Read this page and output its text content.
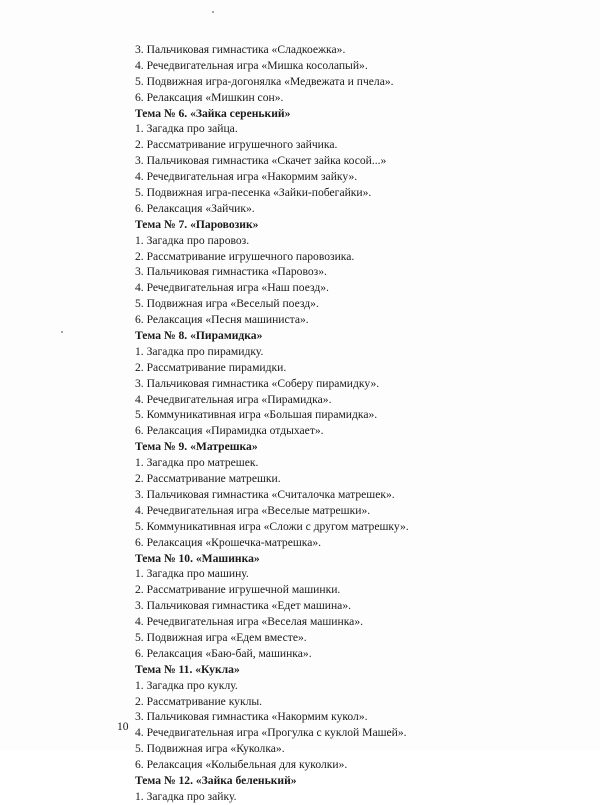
3. Пальчиковая гимнастика «Сладкоежка».
4. Речедвигательная игра «Мишка косолапый».
5. Подвижная игра-догонялка «Медвежата и пчела».
6. Релаксация «Мишкин сон».
Тема № 6. «Зайка серенький»
1. Загадка про зайца.
2. Рассматривание игрушечного зайчика.
3. Пальчиковая гимнастика «Скачет зайка косой...»
4. Речедвигательная игра «Накормим зайку».
5. Подвижная игра-песенка «Зайки-побегайки».
6. Релаксация «Зайчик».
Тема № 7. «Паровозик»
1. Загадка про паровоз.
2. Рассматривание игрушечного паровозика.
3. Пальчиковая гимнастика «Паровоз».
4. Речедвигательная игра «Наш поезд».
5. Подвижная игра «Веселый поезд».
6. Релаксация «Песня машиниста».
Тема № 8. «Пирамидка»
1. Загадка про пирамидку.
2. Рассматривание пирамидки.
3. Пальчиковая гимнастика «Соберу пирамидку».
4. Речедвигательная игра «Пирамидка».
5. Коммуникативная игра «Большая пирамидка».
6. Релаксация «Пирамидка отдыхает».
Тема № 9. «Матрешка»
1. Загадка про матрешек.
2. Рассматривание матрешки.
3. Пальчиковая гимнастика «Считалочка матрешек».
4. Речедвигательная игра «Веселые матрешки».
5. Коммуникативная игра «Сложи с другом матрешку».
6. Релаксация «Крошечка-матрешка».
Тема № 10. «Машинка»
1. Загадка про машину.
2. Рассматривание игрушечной машинки.
3. Пальчиковая гимнастика «Едет машина».
4. Речедвигательная игра «Веселая машинка».
5. Подвижная игра «Едем вместе».
6. Релаксация «Баю-бай, машинка».
Тема № 11. «Кукла»
1. Загадка про куклу.
2. Рассматривание куклы.
3. Пальчиковая гимнастика «Накормим кукол».
4. Речедвигательная игра «Прогулка с куклой Машей».
5. Подвижная игра «Куколка».
6. Релаксация «Колыбельная для куколки».
Тема № 12. «Зайка беленький»
1. Загадка про зайку.
10
